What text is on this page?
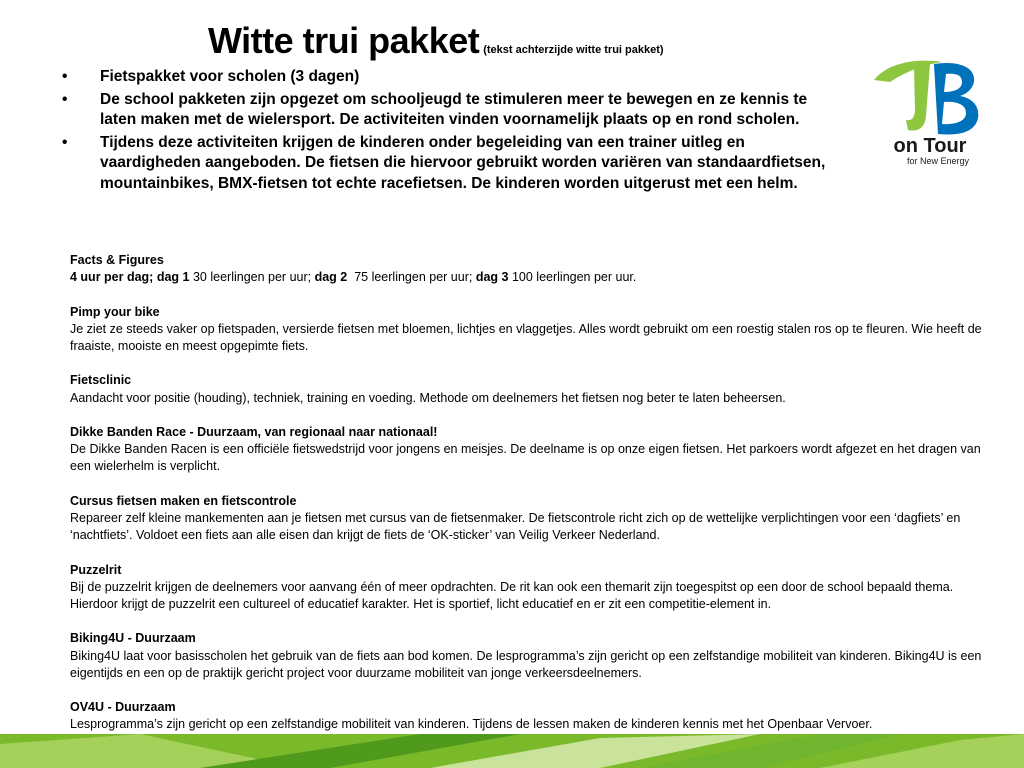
Witte trui pakket (tekst achterzijde witte trui pakket)
• Fietspakket voor scholen (3 dagen)
• De school pakketen zijn opgezet om schooljeugd te stimuleren meer te bewegen en ze kennis te laten maken met de wielersport. De activiteiten vinden voornamelijk plaats op en rond scholen.
• Tijdens deze activiteiten krijgen de kinderen onder begeleiding van een trainer uitleg en vaardigheden aangeboden. De fietsen die hiervoor gebruikt worden variëren van standaardfietsen, mountainbikes, BMX-fietsen tot echte racefietsen. De kinderen worden uitgerust met een helm.
on Tour
for New Energy
Facts & Figures

4 uur per dag; dag 1 30 leerlingen per uur; dag 2 75 leerlingen per uur; dag 3 100 leerlingen per uur.

Pimp your bike

Je ziet ze steeds vaker op fietspaden, versierde fietsen met bloemen, lichtjes en vlaggetjes. Alles wordt gebruikt om een roestig stalen ros op te fleuren. Wie heeft de fraaiste, mooiste en meest opgepimte fiets.

Fietsclinic

Aandacht voor positie (houding), techniek, training en voeding. Methode om deelnemers het fietsen nog beter te laten beheersen.

Dikke Banden Race - Duurzaam, van regionaal naar nationaal!

De Dikke Banden Racen is een officiële fietswedstrijd voor jongens en meisjes. De deelname is op onze eigen fietsen. Het parkoers wordt afgezet en het dragen van een wielerhelm is verplicht.

Cursus fietsen maken en fietscontrole

Repareer zelf kleine mankementen aan je fietsen met cursus van de fietsenmaker. De fietscontrole richt zich op de wettelijke verplichtingen voor een ‘dagfiets’ en ‘nachtfiets’. Voldoet een fiets aan alle eisen dan krijgt de fiets de ‘OK-sticker’ van Veilig Verkeer Nederland.

Puzzelrit

Bij de puzzelrit krijgen de deelnemers voor aanvang één of meer opdrachten. De rit kan ook een themarit zijn toegespitst op een door de school bepaald thema. Hierdoor krijgt de puzzelrit een cultureel of educatief karakter. Het is sportief, licht educatief en er zit een competitie-element in.

Biking4U - Duurzaam

Biking4U laat voor basisscholen het gebruik van de fiets aan bod komen. De lesprogramma’s zijn gericht op een zelfstandige mobiliteit van kinderen. Biking4U is een eigentijds en een op de praktijk gericht project voor duurzame mobiliteit van jonge verkeersdeelnemers.

OV4U - Duurzaam

Lesprogramma’s zijn gericht op een zelfstandige mobiliteit van kinderen. Tijdens de lessen maken de kinderen kennis met het Openbaar Vervoer.
